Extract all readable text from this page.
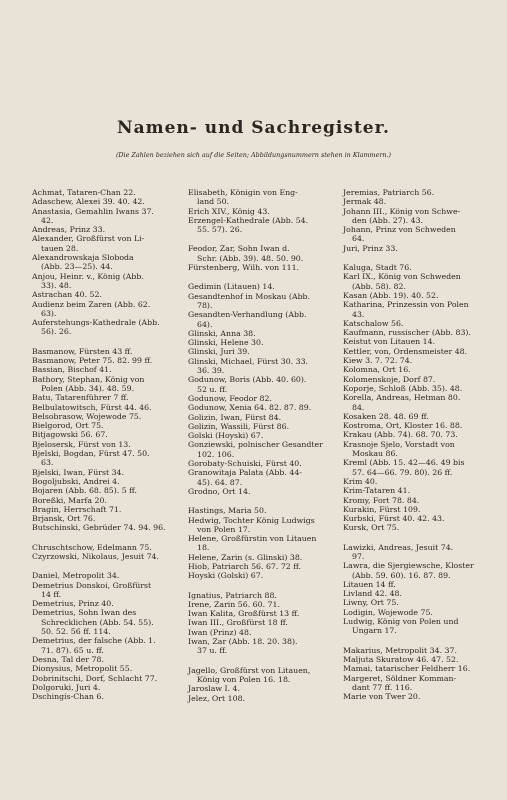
Namen- und Sachregister.
(Die Zahlen beziehen sich auf die Seiten; Abbildungsnummern stehen in Klammern.)
Achmat, Tataren-Chan 22.
Adaschew, Alexei 39. 40. 42.
Anastasia, Gemahlin Iwans 37.
42.
Andreas, Prinz 33.
Alexander, Großfürst von Li-
tauen 28.
Alexandrowskaja Sloboda
(Abb. 23—25). 44.
Anjou, Heinr. v., König (Abb.
33). 48.
Astrachan 40. 52.
Audienz beim Zaren (Abb. 62.
63).
Auferstehungs-Kathedrale (Abb.
56). 26.
Basmanow, Fürsten 43 ff.
Basmanow, Peter 75. 82. 99 ff.
Bassian, Bischof 41.
Bathory, Stephan, König von
Polen (Abb. 34). 48. 59.
Batu, Tatarenführer 7 ff.
Belbulatowitsch, Fürst 44. 46.
Belsobrasow, Wojewode 75.
Bielgorod, Ort 75.
Bitjagowski 56. 67.
Bjelosersk, Fürst von 13.
Bjelski, Bogdan, Fürst 47. 50.
63.
Bjelski, Iwan, Fürst 34.
Bogoljubski, Andrei 4.
Bojaren (Abb. 68. 85). 5 ff.
Boreßki, Marfa 20.
Bragin, Herrschaft 71.
Brjansk, Ort 76.
Butschinski, Gebrüder 74. 94. 96.
Chruschtschow, Edelmann 75.
Czyrzowski, Nikolaus, Jesuit 74.
Daniel, Metropolit 34.
Demetrius Donskoi, Großfürst
14 ff.
Demetrius, Prinz 40.
Demetrius, Sohn Iwan des
Schrecklichen (Abb. 54. 55).
50. 52. 56 ff. 114.
Demetrius, der falsche (Abb. 1.
71. 87). 65 u. ff.
Desna, Tal der 78.
Dionysius, Metropolit 55.
Dobrinitschi, Dorf, Schlacht 77.
Dolgoruki, Juri 4.
Dschingis-Chan 6.
Elisabeth, Königin von Eng-
land 50.
Erich XIV., König 43.
Erzengel-Kathedrale (Abb. 54.
55. 57). 26.
Feodor, Zar, Sohn Iwan d.
Schr. (Abb. 39). 48. 50. 90.
Fürstenberg, Wilh. von 111.
Gedimin (Litauen) 14.
Gesandtenhof in Moskau (Abb.
78).
Gesandten-Verhandlung (Abb.
64).
Glinski, Anna 38.
Glinski, Helene 30.
Glinski, Juri 39.
Glinski, Michael, Fürst 30. 33.
36. 39.
Godunow, Boris (Abb. 40. 60).
52 u. ff.
Godunow, Feodor 82.
Godunow, Xenia 64. 82. 87. 89.
Golizin, Iwan, Fürst 84.
Golizin, Wassili, Fürst 86.
Golski (Hoyski) 67.
Gonziewski, polnischer Gesandter
102. 106.
Gorobaty-Schuiski, Fürst 40.
Granowitaja Palata (Abb. 44-
45). 64. 87.
Grodno, Ort 14.
Hastings, Maria 50.
Hedwig, Tochter König Ludwigs
von Polen 17.
Helene, Großfürstin von Litauen
18.
Helene, Zarin (s. Glinski) 38.
Hiob, Patriarch 56. 67. 72 ff.
Hoyski (Golski) 67.
Ignatius, Patriarch 88.
Irene, Zarin 56. 60. 71.
Iwan Kalita, Großfürst 13 ff.
Iwan III., Großfürst 18 ff.
Iwan (Prinz) 48.
Iwan, Zar (Abb. 18. 20. 38).
37 u. ff.
Jagello, Großfürst von Litauen,
König von Polen 16. 18.
Jaroslaw I. 4.
Jelez, Ort 108.
Jeremias, Patriarch 56.
Jermak 48.
Johann III., König von Schwe-
den (Abb. 27). 43.
Johann, Prinz von Schweden
64.
Juri, Prinz 33.
Kaluga, Stadt 76.
Karl IX., König von Schweden
(Abb. 58). 82.
Kasan (Abb. 19). 40. 52.
Katharina, Prinzessin von Polen
43.
Katschalow 56.
Kaufmann, russischer (Abb. 83).
Keistut von Litauen 14.
Kettler, von, Ordensmeister 48.
Kiew 3. 7. 72. 74.
Kolomna, Ort 16.
Kolomenskoje, Dorf 87.
Koporje, Schloß (Abb. 35). 48.
Korella, Andreas, Hetman 80.
84.
Kosaken 28. 48. 69 ff.
Kostroma, Ort, Kloster 16. 88.
Krakau (Abb. 74). 68. 70. 73.
Krasnoje Sjelo, Vorstadt von
Moskau 86.
Kreml (Abb. 15. 42—46. 49 bis
57. 64—66. 79. 80). 26 ff.
Krim 40.
Krim-Tataren 41.
Kromy, Fort 78. 84.
Kurakin, Fürst 109.
Kurbski, Fürst 40. 42. 43.
Kursk, Ort 75.
Lawizki, Andreas, Jesuit 74.
97.
Lawra, die Sjergiewsche, Kloster
(Abb. 59. 60). 16. 87. 89.
Litauen 14 ff.
Livland 42. 48.
Liwny, Ort 75.
Lodigin, Wojewode 75.
Ludwig, König von Polen und
Ungarn 17.
Makarius, Metropolit 34. 37.
Maljuta Skuratow 46. 47. 52.
Mamai, tatarischer Feldherr 16.
Margeret, Söldner Komman-
dant 77 ff. 116.
Marie von Twer 20.
